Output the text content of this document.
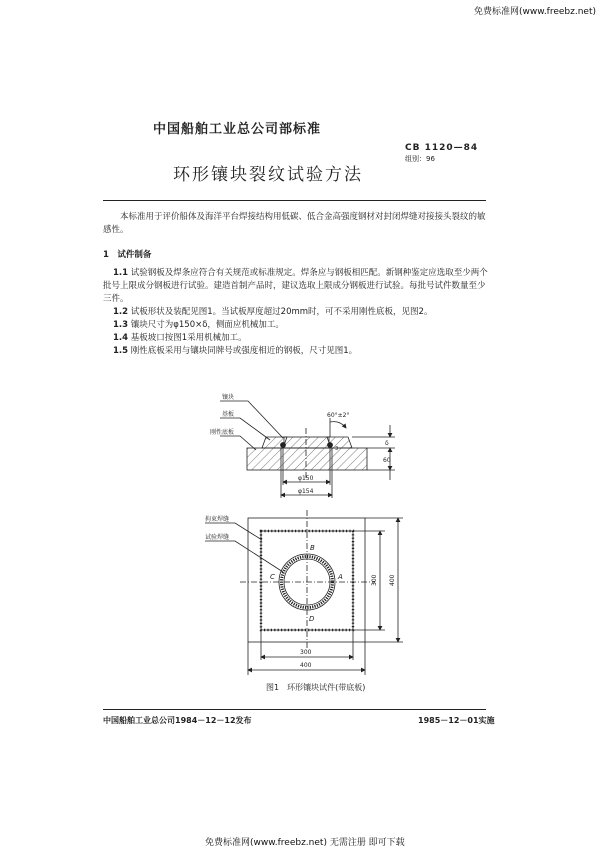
免费标准网(www.freebz.net)
中国船舶工业总公司部标准
CB 1120—84
组别：96
环形镶块裂纹试验方法
本标准用于评价船体及海洋平台焊接结构用低碳、低合金高强度钢材对封闭焊缝对接接头裂纹的敏感性。
1　试件制备
1.1 试验钢板及焊条应符合有关规范或标准规定。焊条应与钢板相匹配。新钢种鉴定应选取至少两个批号上限成分钢板进行试验。建造首制产品时，建议选取上限成分钢板进行试验。每批号试件数量至少三件。
1.2 试板形状及装配见图1。当试板厚度超过20mm时，可不采用刚性底板，见图2。
1.3 镶块尺寸为φ150×δ，侧面应机械加工。
1.4 基板坡口按图1采用机械加工。
1.5 刚性底板采用与镶块同牌号或强度相近的钢板，尺寸见图1。
镶块
基板
刚性底板
60°±2°
δ
3
60
φ150
φ154
拘束焊缝
试验焊缝
B
A
C
D
300
400
300 400
图1　环形镶块试件(带底板)
中国船舶工业总公司1984－12－12发布	1985－12－01实施
免费标准网(www.freebz.net) 无需注册 即可下载
